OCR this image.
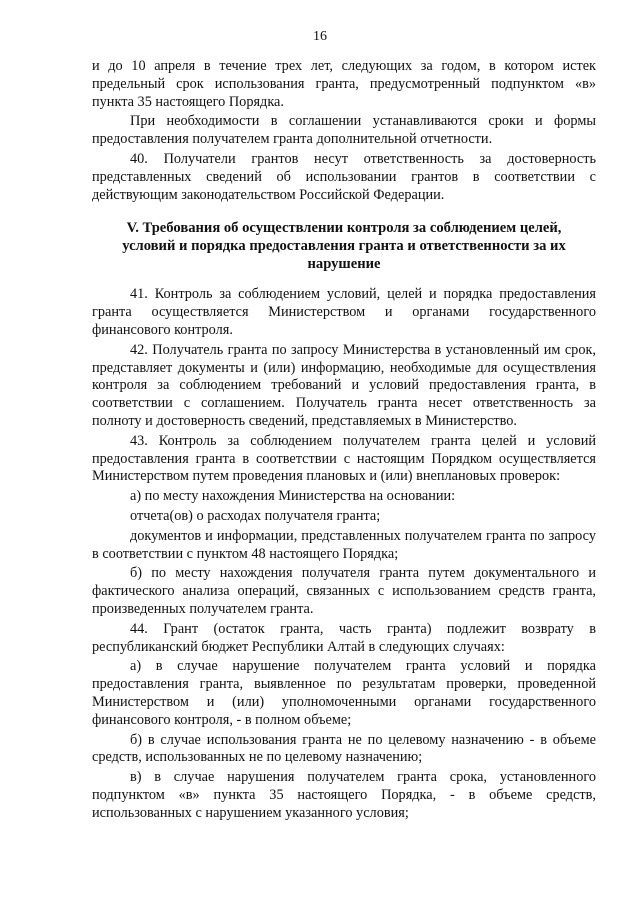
16

и до 10 апреля в течение трех лет, следующих за годом, в котором истек предельный срок использования гранта, предусмотренный подпунктом «в» пункта 35 настоящего Порядка.

При необходимости в соглашении устанавливаются сроки и формы предоставления получателем гранта дополнительной отчетности.

40. Получатели грантов несут ответственность за достоверность представленных сведений об использовании грантов в соответствии с действующим законодательством Российской Федерации.

V. Требования об осуществлении контроля за соблюдением целей,
условий и порядка предоставления гранта и ответственности за их
нарушение

41. Контроль за соблюдением условий, целей и порядка предоставления гранта осуществляется Министерством и органами государственного финансового контроля.

42. Получатель гранта по запросу Министерства в установленный им срок, представляет документы и (или) информацию, необходимые для осуществления контроля за соблюдением требований и условий предоставления гранта, в соответствии с соглашением. Получатель гранта несет ответственность за полноту и достоверность сведений, представляемых в Министерство.

43. Контроль за соблюдением получателем гранта целей и условий предоставления гранта в соответствии с настоящим Порядком осуществляется Министерством путем проведения плановых и (или) внеплановых проверок:

а) по месту нахождения Министерства на основании:

отчета(ов) о расходах получателя гранта;

документов и информации, представленных получателем гранта по запросу в соответствии с пунктом 48 настоящего Порядка;

б) по месту нахождения получателя гранта путем документального и фактического анализа операций, связанных с использованием средств гранта, произведенных получателем гранта.

44. Грант (остаток гранта, часть гранта) подлежит возврату в республиканский бюджет Республики Алтай в следующих случаях:

а) в случае нарушение получателем гранта условий и порядка предоставления гранта, выявленное по результатам проверки, проведенной Министерством и (или) уполномоченными органами государственного финансового контроля, - в полном объеме;

б) в случае использования гранта не по целевому назначению - в объеме средств, использованных не по целевому назначению;

в) в случае нарушения получателем гранта срока, установленного подпунктом «в» пункта 35 настоящего Порядка, - в объеме средств, использованных с нарушением указанного условия;
